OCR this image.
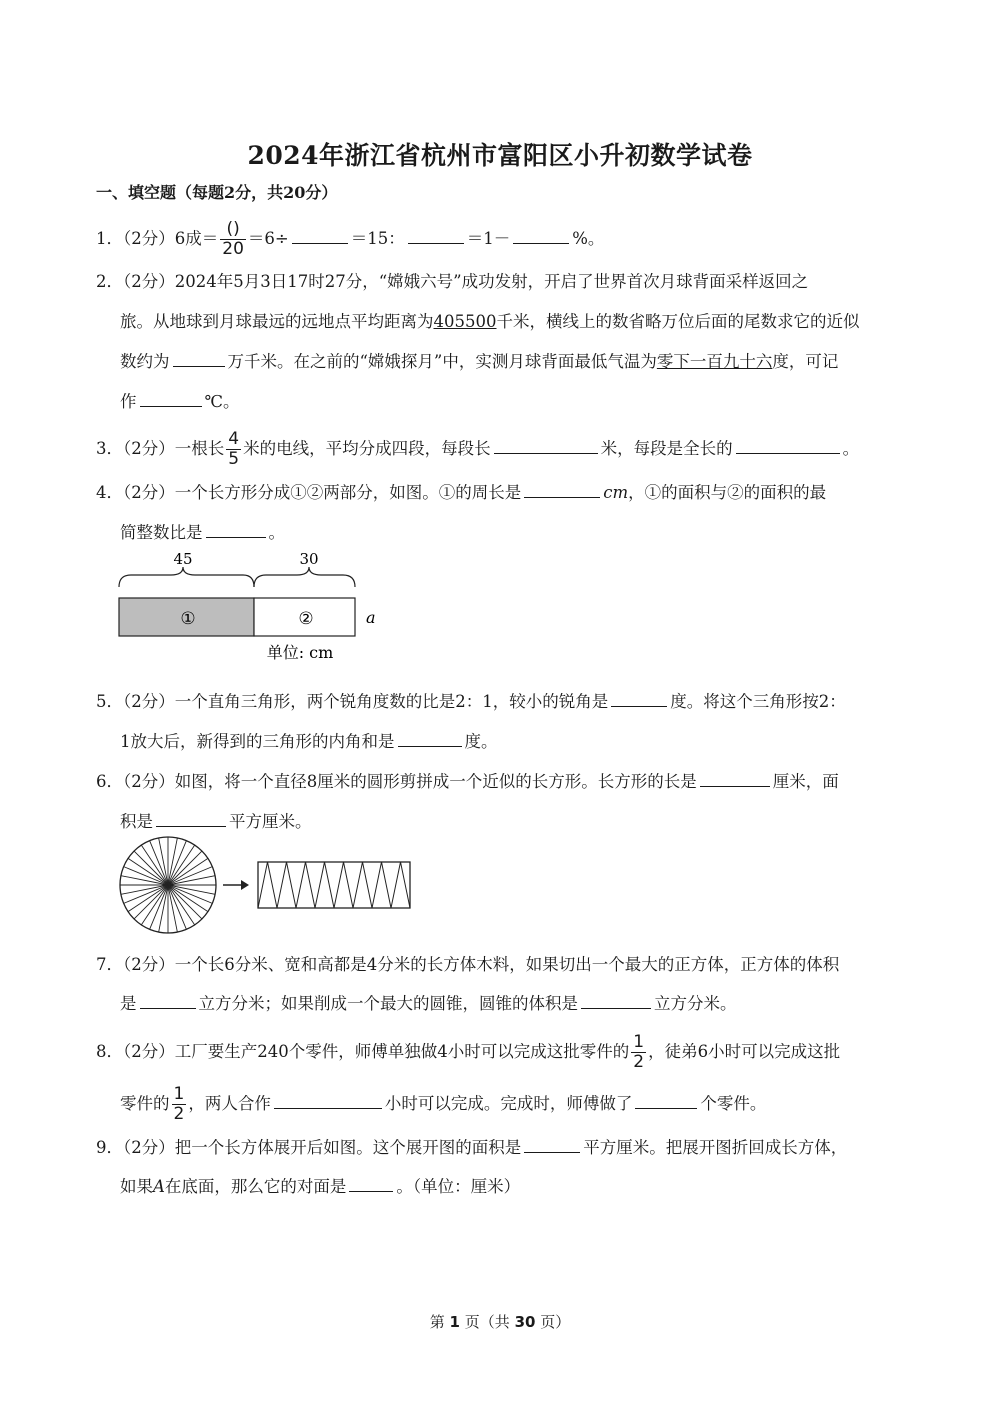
2024年浙江省杭州市富阳区小升初数学试卷
一、填空题（每题2分，共20分）
1．（2分）6成＝ $\frac{()}{20} =6\div$	＝15：	＝1－	%。
2．（2分）2024年5月3日17时27分，“嫦娥六号”成功发射，开启了世界首次月球背面采样返回之
旅。从地球到月球最远的远地点平均距离为405500千米，横线上的数省略万位后面的尾数求它的近似
数约为	万千米。在之前的“嫦娥探月”中，实测月球背面最低气温为零下一百九十六度，可记
作	℃。
3．（2分）一根长 $\frac{4}{5}$ 米的电线，平均分成四段，每段长	米，每段是全长的	。
4．（2分）一个长方形分成①②两部分，如图。①的周长是	cm，①的面积与②的面积的最
简整数比是	。
45	30
①	②	a
单位: cm
5．（2分）一个直角三角形，两个锐角度数的比是2：1，较小的锐角是	度。将这个三角形按2：
1放大后，新得到的三角形的内角和是	度。
6．（2分）如图，将一个直径8厘米的圆形剪拼成一个近似的长方形。长方形的长是	厘米，面
积是	平方厘米。
7．（2分）一个长6分米、宽和高都是4分米的长方体木料，如果切出一个最大的正方体，正方体的体积
是	立方分米；如果削成一个最大的圆锥，圆锥的体积是	立方分米。
8．（2分）工厂要生产240个零件，师傅单独做4小时可以完成这批零件的 $\frac{1}{2}$ ，徒弟6小时可以完成这批
零件的 $\frac{1}{2}$ ，两人合作	小时可以完成。完成时，师傅做了	个零件。
9．（2分）把一个长方体展开后如图。这个展开图的面积是	平方厘米。把展开图折回成长方体，
如果A在底面，那么它的对面是	。（单位：厘米）
第 1 页（共 30 页）
